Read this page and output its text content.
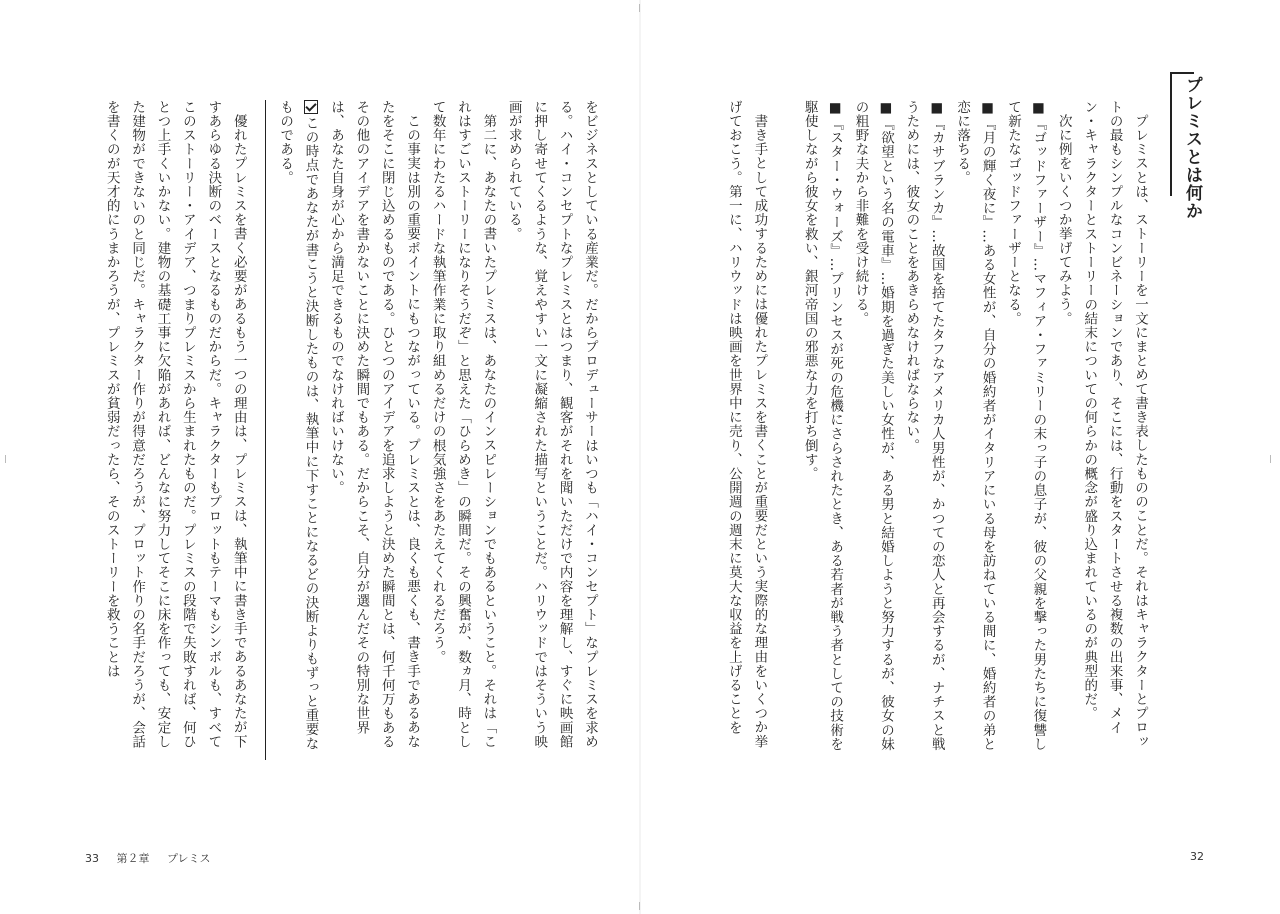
プレミスとは何か

プレミスとは、ストーリーを一文にまとめて書き表したもののことだ。それはキャラクターとプロットの最もシンプルなコンビネーションであり、そこには、行動をスタートさせる複数の出来事、メイン・キャラクターとストーリーの結末についての何らかの概念が盛り込まれているのが典型的だ。

次に例をいくつか挙げてみよう。

■『ゴッドファーザー』…マフィア・ファミリーの末っ子の息子が、彼の父親を撃った男たちに復讐して新たなゴッドファーザーとなる。

■『月の輝く夜に』…ある女性が、自分の婚約者がイタリアにいる母を訪ねている間に、婚約者の弟と恋に落ちる。

■『カサブランカ』…故国を捨てたタフなアメリカ人男性が、かつての恋人と再会するが、ナチスと戦うためには、彼女のことをあきらめなければならない。

■『欲望という名の電車』…婚期を過ぎた美しい女性が、ある男と結婚しようと努力するが、彼女の妹の粗野な夫から非難を受け続ける。

■『スター・ウォーズ』…プリンセスが死の危機にさらされたとき、ある若者が戦う者としての技術を駆使しながら彼女を救い、銀河帝国の邪悪な力を打ち倒す。

書き手として成功するためには優れたプレミスを書くことが重要だという実際的な理由をいくつか挙げておこう。第一に、ハリウッドは映画を世界中に売り、公開週の週末に莫大な収益を上げることを

をビジネスとしている産業だ。だからプロデューサーはいつも「ハイ・コンセプト」なプレミスを求める。ハイ・コンセプトなプレミスとはつまり、観客がそれを聞いただけで内容を理解し、すぐに映画館に押し寄せてくるような、覚えやすい一文に凝縮された描写ということだ。ハリウッドではそういう映画が求められている。

第二に、あなたの書いたプレミスは、あなたのインスピレーションでもあるということ。それは「これはすごいストーリーになりそうだぞ」と思えた「ひらめき」の瞬間だ。その興奮が、数ヵ月、時として数年にわたるハードな執筆作業に取り組めるだけの根気強さをあたえてくれるだろう。

この事実は別の重要ポイントにもつながっている。プレミスとは、良くも悪くも、書き手であるあなたをそこに閉じ込めるものである。ひとつのアイデアを追求しようと決めた瞬間とは、何千何万もあるその他のアイデアを書かないことに決めた瞬間でもある。だからこそ、自分が選んだその特別な世界は、あなた自身が心から満足できるものでなければいけない。

この時点であなたが書こうと決断したものは、執筆中に下すことになるどの決断よりもずっと重要なものである。

優れたプレミスを書く必要があるもう一つの理由は、プレミスは、執筆中に書き手であるあなたが下すあらゆる決断のベースとなるものだからだ。キャラクターもプロットもテーマもシンボルも、すべてこのストーリー・アイデア、つまりプレミスから生まれたものだ。プレミスの段階で失敗すれば、何ひとつ上手くいかない。建物の基礎工事に欠陥があれば、どんなに努力してそこに床を作っても、安定した建物ができないのと同じだ。キャラクター作りが得意だろうが、プロット作りの名手だろうが、会話を書くのが天才的にうまかろうが、プレミスが貧弱だったら、そのストーリーを救うことは

33 第２章 プレミス	32
